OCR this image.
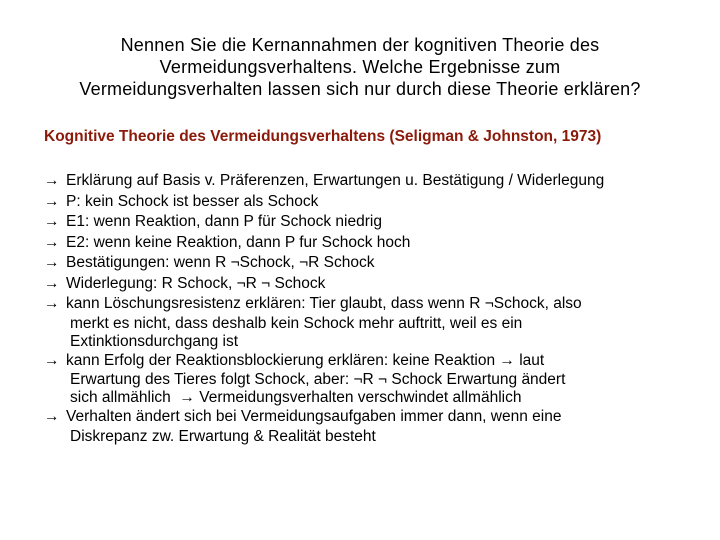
Nennen Sie die Kernannahmen der kognitiven Theorie des
Vermeidungsverhaltens. Welche Ergebnisse zum
Vermeidungsverhalten lassen sich nur durch diese Theorie erklären?
Kognitive Theorie des Vermeidungsverhaltens (Seligman & Johnston, 1973)
→ Erklärung auf Basis v. Präferenzen, Erwartungen u. Bestätigung / Widerlegung
→ P: kein Schock ist besser als Schock
→ E1: wenn Reaktion, dann P für Schock niedrig
→ E2: wenn keine Reaktion, dann P fur Schock hoch
→ Bestätigungen: wenn R ¬Schock, ¬R Schock
→ Widerlegung: R Schock, ¬R ¬ Schock
→ kann Löschungsresistenz erklären: Tier glaubt, dass wenn R ¬Schock, also
merkt es nicht, dass deshalb kein Schock mehr auftritt, weil es ein
Extinktionsdurchgang ist
→ kann Erfolg der Reaktionsblockierung erklären: keine Reaktion → laut
Erwartung des Tieres folgt Schock, aber: ¬R ¬ Schock Erwartung ändert
sich allmählich → Vermeidungsverhalten verschwindet allmählich
→ Verhalten ändert sich bei Vermeidungsaufgaben immer dann, wenn eine
Diskrepanz zw. Erwartung & Realität besteht
